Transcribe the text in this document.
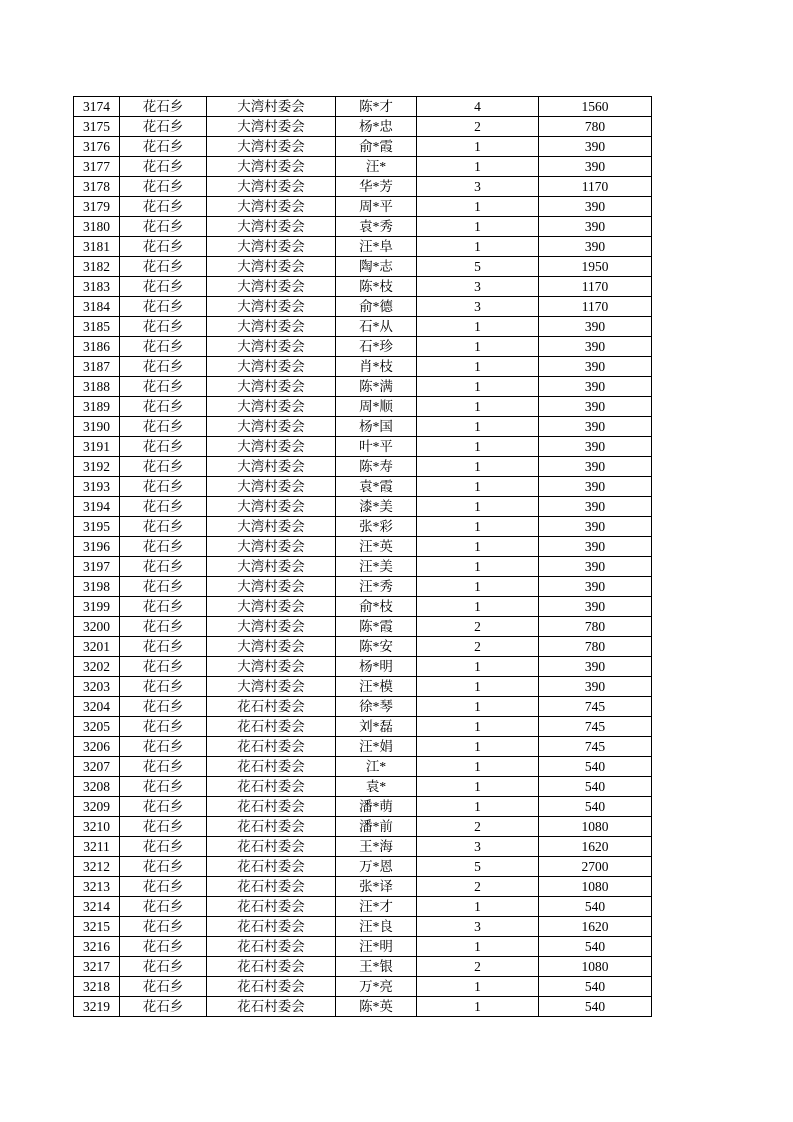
3174	花石乡	大湾村委会	陈*才	4	1560
3175	花石乡	大湾村委会	杨*忠	2	780
3176	花石乡	大湾村委会	俞*霞	1	390
3177	花石乡	大湾村委会	汪*	1	390
3178	花石乡	大湾村委会	华*芳	3	1170
3179	花石乡	大湾村委会	周*平	1	390
3180	花石乡	大湾村委会	袁*秀	1	390
3181	花石乡	大湾村委会	汪*阜	1	390
3182	花石乡	大湾村委会	陶*志	5	1950
3183	花石乡	大湾村委会	陈*枝	3	1170
3184	花石乡	大湾村委会	俞*德	3	1170
3185	花石乡	大湾村委会	石*从	1	390
3186	花石乡	大湾村委会	石*珍	1	390
3187	花石乡	大湾村委会	肖*枝	1	390
3188	花石乡	大湾村委会	陈*满	1	390
3189	花石乡	大湾村委会	周*顺	1	390
3190	花石乡	大湾村委会	杨*国	1	390
3191	花石乡	大湾村委会	叶*平	1	390
3192	花石乡	大湾村委会	陈*寿	1	390
3193	花石乡	大湾村委会	袁*霞	1	390
3194	花石乡	大湾村委会	漆*美	1	390
3195	花石乡	大湾村委会	张*彩	1	390
3196	花石乡	大湾村委会	汪*英	1	390
3197	花石乡	大湾村委会	汪*美	1	390
3198	花石乡	大湾村委会	汪*秀	1	390
3199	花石乡	大湾村委会	俞*枝	1	390
3200	花石乡	大湾村委会	陈*霞	2	780
3201	花石乡	大湾村委会	陈*安	2	780
3202	花石乡	大湾村委会	杨*明	1	390
3203	花石乡	大湾村委会	汪*模	1	390
3204	花石乡	花石村委会	徐*琴	1	745
3205	花石乡	花石村委会	刘*磊	1	745
3206	花石乡	花石村委会	汪*娟	1	745
3207	花石乡	花石村委会	江*	1	540
3208	花石乡	花石村委会	袁*	1	540
3209	花石乡	花石村委会	潘*萌	1	540
3210	花石乡	花石村委会	潘*前	2	1080
3211	花石乡	花石村委会	王*海	3	1620
3212	花石乡	花石村委会	万*恩	5	2700
3213	花石乡	花石村委会	张*译	2	1080
3214	花石乡	花石村委会	汪*才	1	540
3215	花石乡	花石村委会	汪*良	3	1620
3216	花石乡	花石村委会	汪*明	1	540
3217	花石乡	花石村委会	王*银	2	1080
3218	花石乡	花石村委会	万*亮	1	540
3219	花石乡	花石村委会	陈*英	1	540
